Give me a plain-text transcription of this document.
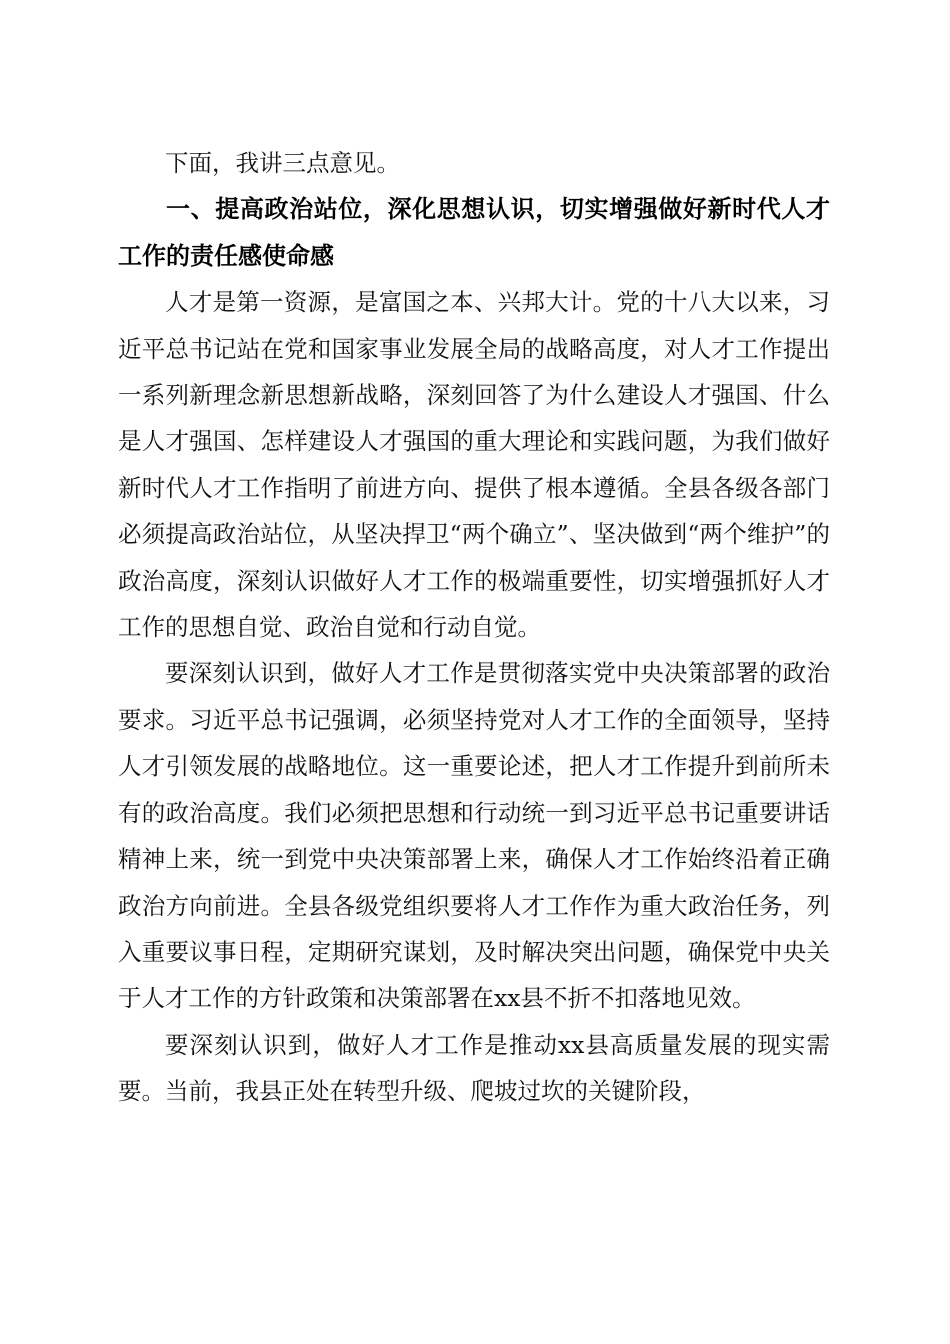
下面，我讲三点意见。

一、提高政治站位，深化思想认识，切实增强做好新时代人才工作的责任感使命感

人才是第一资源，是富国之本、兴邦大计。党的十八大以来，习近平总书记站在党和国家事业发展全局的战略高度，对人才工作提出一系列新理念新思想新战略，深刻回答了为什么建设人才强国、什么是人才强国、怎样建设人才强国的重大理论和实践问题，为我们做好新时代人才工作指明了前进方向、提供了根本遵循。全县各级各部门必须提高政治站位，从坚决捍卫“两个确立”、坚决做到“两个维护”的政治高度，深刻认识做好人才工作的极端重要性，切实增强抓好人才工作的思想自觉、政治自觉和行动自觉。

要深刻认识到，做好人才工作是贯彻落实党中央决策部署的政治要求。习近平总书记强调，必须坚持党对人才工作的全面领导，坚持人才引领发展的战略地位。这一重要论述，把人才工作提升到前所未有的政治高度。我们必须把思想和行动统一到习近平总书记重要讲话精神上来，统一到党中央决策部署上来，确保人才工作始终沿着正确政治方向前进。全县各级党组织要将人才工作作为重大政治任务，列入重要议事日程，定期研究谋划，及时解决突出问题，确保党中央关于人才工作的方针政策和决策部署在xx县不折不扣落地见效。

要深刻认识到，做好人才工作是推动xx县高质量发展的现实需要。当前，我县正处在转型升级、爬坡过坎的关键阶段，
